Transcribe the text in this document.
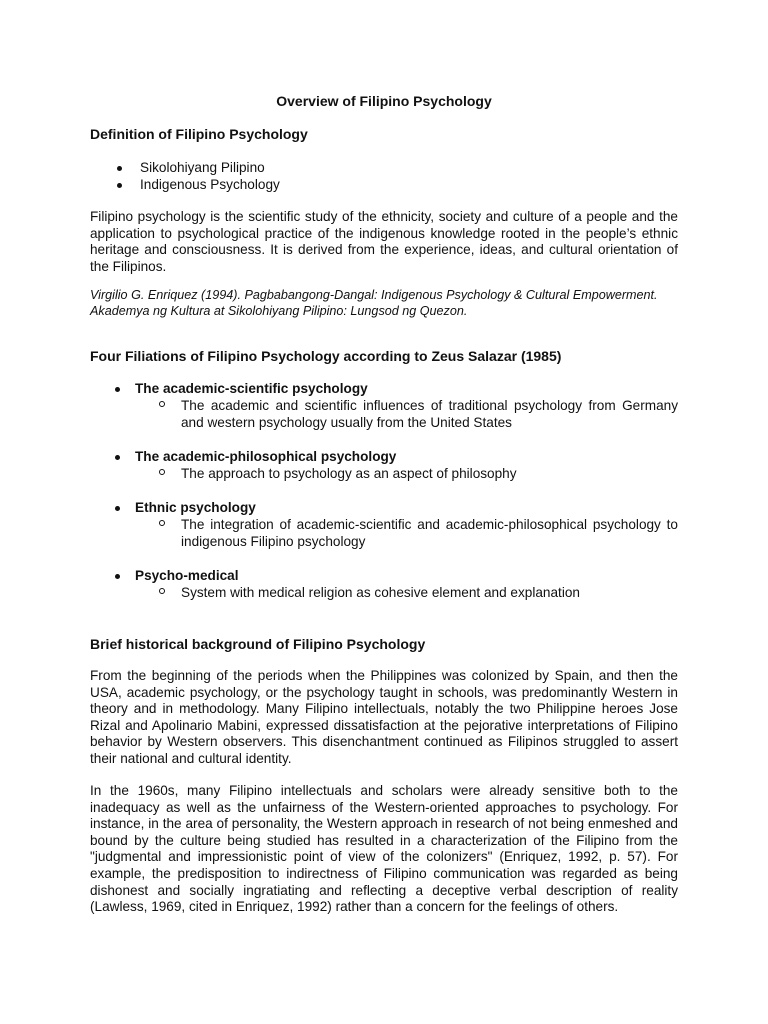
Overview of Filipino Psychology
Definition of Filipino Psychology
Sikolohiyang Pilipino
Indigenous Psychology

Filipino psychology is the scientific study of the ethnicity, society and culture of a people and the application to psychological practice of the indigenous knowledge rooted in the people’s ethnic heritage and consciousness. It is derived from the experience, ideas, and cultural orientation of the Filipinos.

Virgilio G. Enriquez (1994). Pagbabangong-Dangal: Indigenous Psychology & Cultural Empowerment. Akademya ng Kultura at Sikolohiyang Pilipino: Lungsod ng Quezon.

Four Filiations of Filipino Psychology according to Zeus Salazar (1985)
The academic-scientific psychology
The academic and scientific influences of traditional psychology from Germany and western psychology usually from the United States
The academic-philosophical psychology
The approach to psychology as an aspect of philosophy
Ethnic psychology
The integration of academic-scientific and academic-philosophical psychology to indigenous Filipino psychology
Psycho-medical
System with medical religion as cohesive element and explanation
Brief historical background of Filipino Psychology

From the beginning of the periods when the Philippines was colonized by Spain, and then the USA, academic psychology, or the psychology taught in schools, was predominantly Western in theory and in methodology. Many Filipino intellectuals, notably the two Philippine heroes Jose Rizal and Apolinario Mabini, expressed dissatisfaction at the pejorative interpretations of Filipino behavior by Western observers. This disenchantment continued as Filipinos struggled to assert their national and cultural identity.

In the 1960s, many Filipino intellectuals and scholars were already sensitive both to the inadequacy as well as the unfairness of the Western-oriented approaches to psychology. For instance, in the area of personality, the Western approach in research of not being enmeshed and bound by the culture being studied has resulted in a characterization of the Filipino from the "judgmental and impressionistic point of view of the colonizers" (Enriquez, 1992, p. 57). For example, the predisposition to indirectness of Filipino communication was regarded as being dishonest and socially ingratiating and reflecting a deceptive verbal description of reality (Lawless, 1969, cited in Enriquez, 1992) rather than a concern for the feelings of others.
